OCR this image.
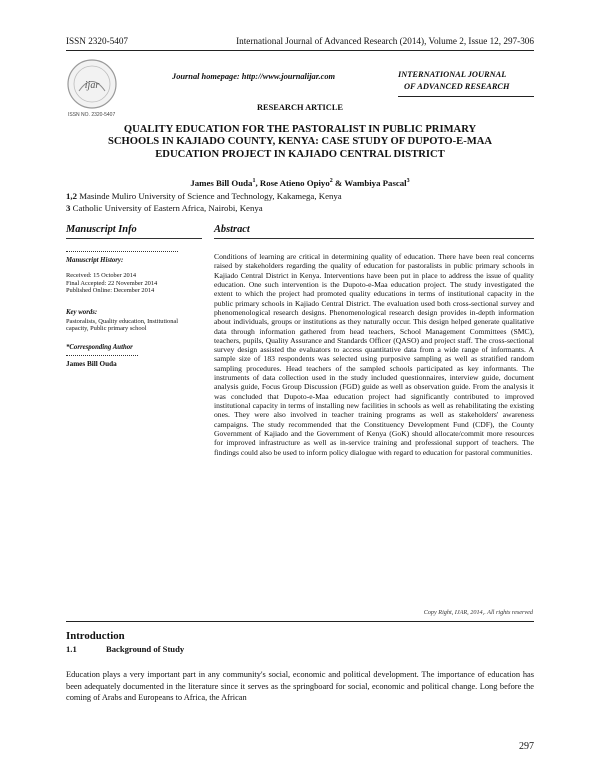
ISSN 2320-5407	International Journal of Advanced Research (2014), Volume 2, Issue 12, 297-306
ijar
ISSN NO. 2320-5407
Journal homepage: http://www.journalijar.com	INTERNATIONAL JOURNAL
OF ADVANCED RESEARCH
RESEARCH ARTICLE
QUALITY EDUCATION FOR THE PASTORALIST IN PUBLIC PRIMARY
SCHOOLS IN KAJIADO COUNTY, KENYA: CASE STUDY OF DUPOTO-E-MAA
EDUCATION PROJECT IN KAJIADO CENTRAL DISTRICT
James Bill Ouda$^1$, Rose Atieno Opiyo$^2$ & Wambiya Pascal$^3$
1,2 Masinde Muliro University of Science and Technology, Kakamega, Kenya
3 Catholic University of Eastern Africa, Nairobi, Kenya
Manuscript Info
Manuscript History:
Received: 15 October 2014
Final Accepted: 22 November 2014
Published Online: December 2014
Key words:
Pastoralists, Quality education, Institutional capacity, Public primary school
*Corresponding Author
James Bill Ouda
Abstract
Conditions of learning are critical in determining quality of education. There have been real concerns raised by stakeholders regarding the quality of education for pastoralists in public primary schools in Kajiado Central District in Kenya. Interventions have been put in place to address the issue of quality education. One such intervention is the Dupoto-e-Maa education project. The study investigated the extent to which the project had promoted quality educations in terms of institutional capacity in the public primary schools in Kajiado Central District. The evaluation used both cross-sectional survey and phenomenological research designs. Phenomenological research design provides in-depth information about individuals, groups or institutions as they naturally occur. This design helped generate qualitative data through information gathered from head teachers, School Management Committees (SMC), teachers, pupils, Quality Assurance and Standards Officer (QASO) and project staff. The cross-sectional survey design assisted the evaluators to access quantitative data from a wide range of informants. A sample size of 183 respondents was selected using purposive sampling as well as stratified random sampling procedures. Head teachers of the sampled schools participated as key informants. The instruments of data collection used in the study included questionnaires, interview guide, document analysis guide, Focus Group Discussion (FGD) guide as well as observation guide. From the analysis it was concluded that Dupoto-e-Maa education project had significantly contributed to improved institutional capacity in terms of installing new facilities in schools as well as rehabilitating the existing ones. They were also involved in teacher training programs as well as stakeholders' awareness campaigns. The study recommended that the Constituency Development Fund (CDF), the County Government of Kajiado and the Government of Kenya (GoK) should allocate/commit more resources for improved infrastructure as well as in-service training and professional support of teachers. The findings could also be used to inform policy dialogue with regard to education for pastoral communities.
Copy Right, IJAR, 2014,. All rights reserved
Introduction
1.1	Background of Study
Education plays a very important part in any community's social, economic and political development. The importance of education has been adequately documented in the literature since it serves as the springboard for social, economic and political change. Long before the coming of Arabs and Europeans to Africa, the African
297
